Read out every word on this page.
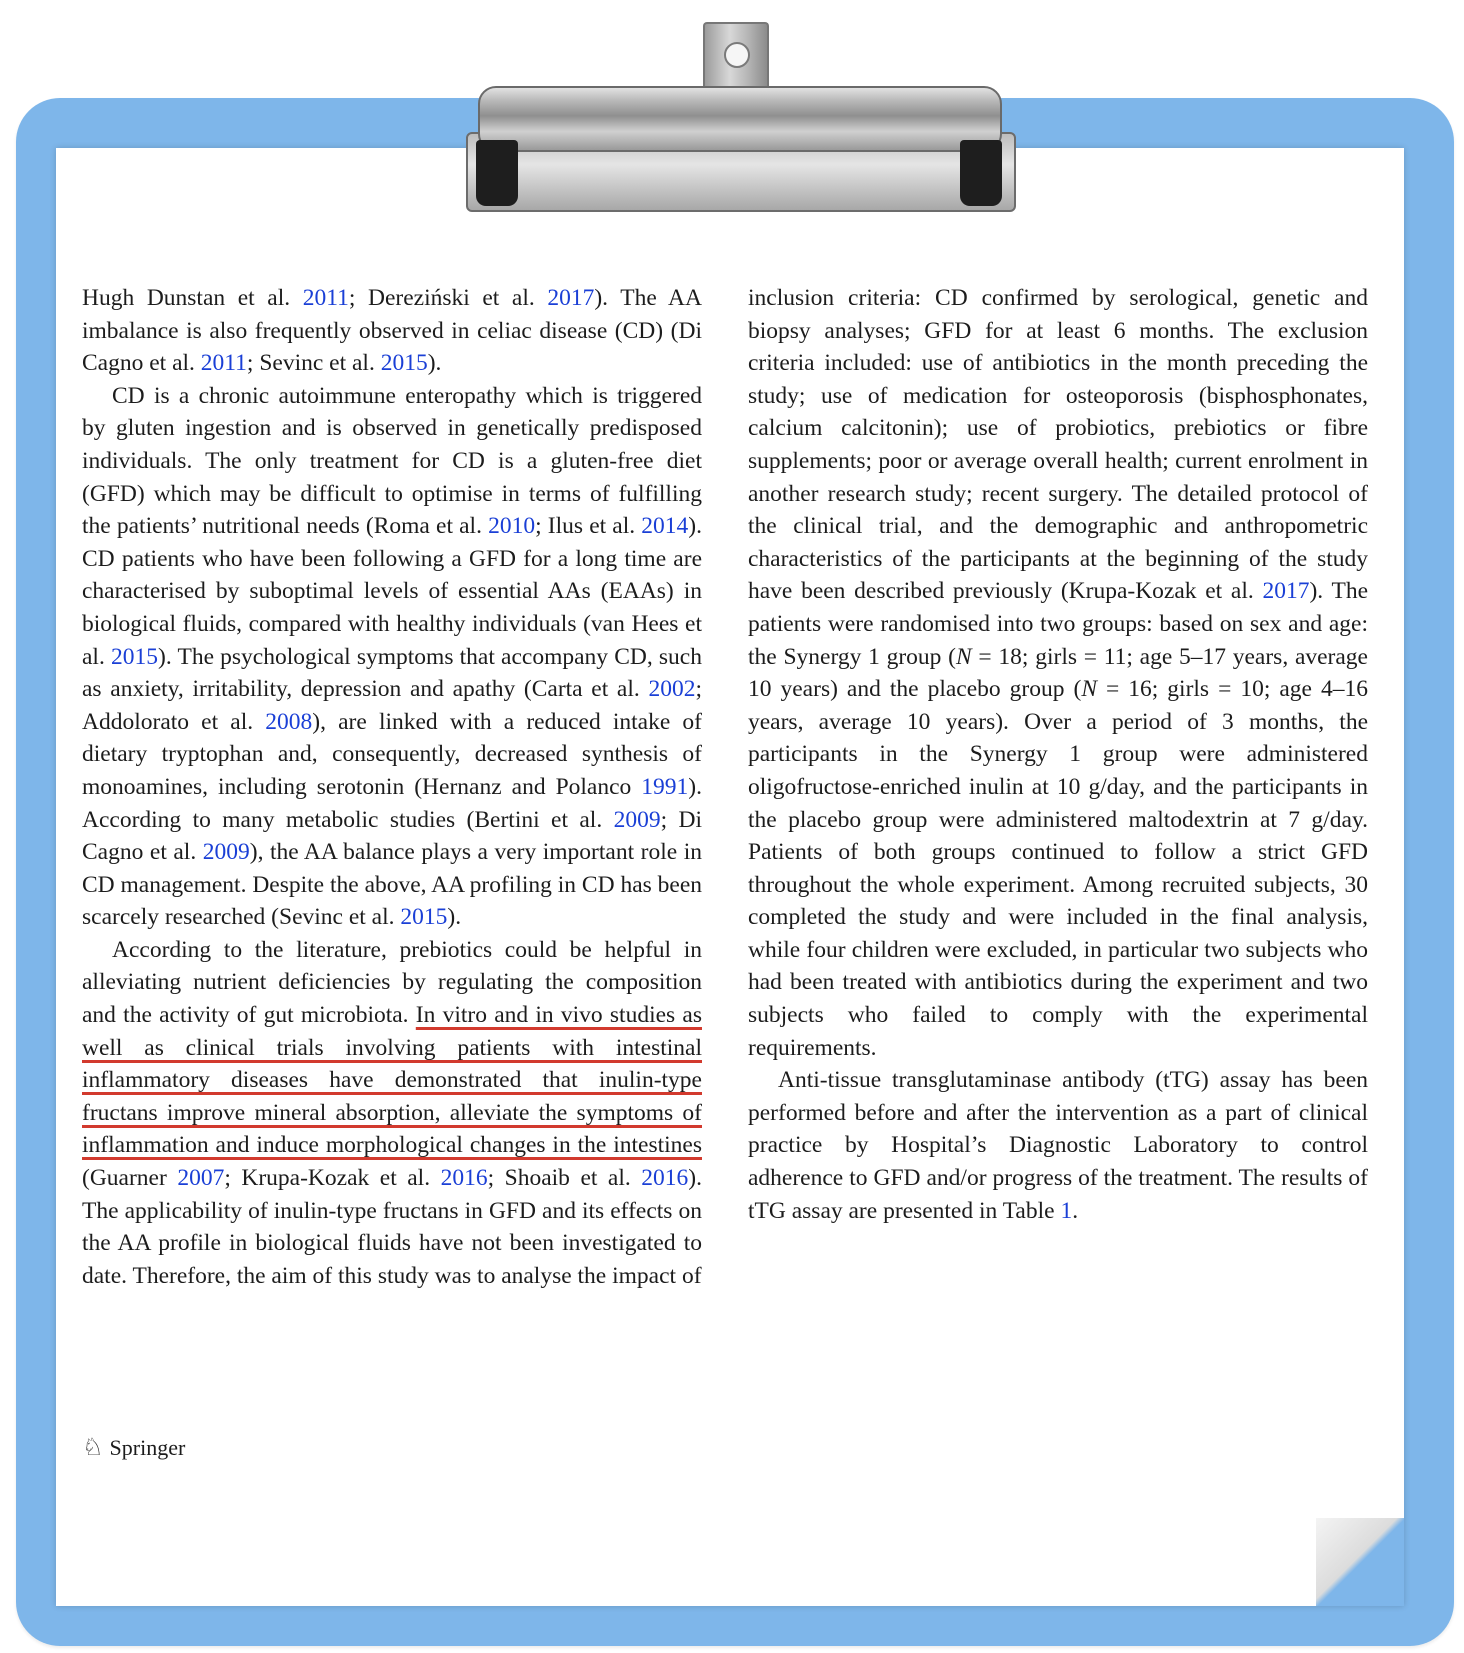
Hugh Dunstan et al. 2011; Dereziński et al. 2017). The AA imbalance is also frequently observed in celiac disease (CD) (Di Cagno et al. 2011; Sevinc et al. 2015).

CD is a chronic autoimmune enteropathy which is triggered by gluten ingestion and is observed in genetically predisposed individuals. The only treatment for CD is a gluten-free diet (GFD) which may be difficult to optimise in terms of fulfilling the patients’ nutritional needs (Roma et al. 2010; Ilus et al. 2014). CD patients who have been following a GFD for a long time are characterised by suboptimal levels of essential AAs (EAAs) in biological fluids, compared with healthy individuals (van Hees et al. 2015). The psychological symptoms that accompany CD, such as anxiety, irritability, depression and apathy (Carta et al. 2002; Addolorato et al. 2008), are linked with a reduced intake of dietary tryptophan and, consequently, decreased synthesis of monoamines, including serotonin (Hernanz and Polanco 1991). According to many metabolic studies (Bertini et al. 2009; Di Cagno et al. 2009), the AA balance plays a very important role in CD management. Despite the above, AA profiling in CD has been scarcely researched (Sevinc et al. 2015).

According to the literature, prebiotics could be helpful in alleviating nutrient deficiencies by regulating the composition and the activity of gut microbiota. In vitro and in vivo studies as well as clinical trials involving patients with intestinal inflammatory diseases have demonstrated that inulin-type fructans improve mineral absorption, alleviate the symptoms of inflammation and induce morphological changes in the intestines (Guarner 2007; Krupa-Kozak et al. 2016; Shoaib et al. 2016). The applicability of inulin-type fructans in GFD and its effects on the AA profile in biological fluids have not been investigated to date. Therefore, the aim of this study was to analyse the impact of

inclusion criteria: CD confirmed by serological, genetic and biopsy analyses; GFD for at least 6 months. The exclusion criteria included: use of antibiotics in the month preceding the study; use of medication for osteoporosis (bisphosphonates, calcium calcitonin); use of probiotics, prebiotics or fibre supplements; poor or average overall health; current enrolment in another research study; recent surgery. The detailed protocol of the clinical trial, and the demographic and anthropometric characteristics of the participants at the beginning of the study have been described previously (Krupa-Kozak et al. 2017). The patients were randomised into two groups: based on sex and age: the Synergy 1 group (N = 18; girls = 11; age 5–17 years, average 10 years) and the placebo group (N = 16; girls = 10; age 4–16 years, average 10 years). Over a period of 3 months, the participants in the Synergy 1 group were administered oligofructose-enriched inulin at 10 g/day, and the participants in the placebo group were administered maltodextrin at 7 g/day. Patients of both groups continued to follow a strict GFD throughout the whole experiment. Among recruited subjects, 30 completed the study and were included in the final analysis, while four children were excluded, in particular two subjects who had been treated with antibiotics during the experiment and two subjects who failed to comply with the experimental requirements.

Anti-tissue transglutaminase antibody (tTG) assay has been performed before and after the intervention as a part of clinical practice by Hospital’s Diagnostic Laboratory to control adherence to GFD and/or progress of the treatment. The results of tTG assay are presented in Table 1.

♘ Springer
